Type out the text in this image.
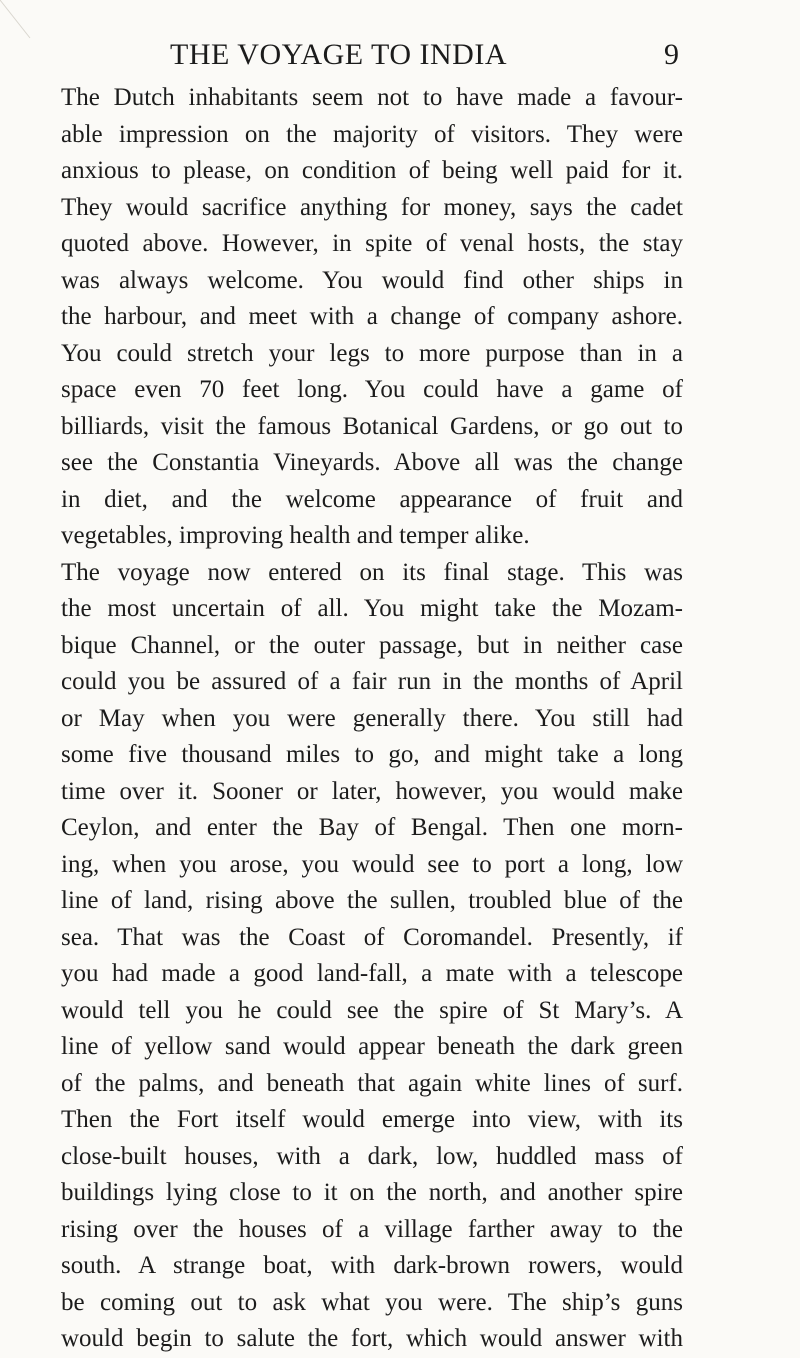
THE VOYAGE TO INDIA	9
The Dutch inhabitants seem not to have made a favour-
able impression on the majority of visitors. They were
anxious to please, on condition of being well paid for it.
They would sacrifice anything for money, says the cadet
quoted above. However, in spite of venal hosts, the stay
was always welcome. You would find other ships in
the harbour, and meet with a change of company ashore.
You could stretch your legs to more purpose than in a
space even 70 feet long. You could have a game of
billiards, visit the famous Botanical Gardens, or go out to
see the Constantia Vineyards. Above all was the change
in diet, and the welcome appearance of fruit and
vegetables, improving health and temper alike.
The voyage now entered on its final stage. This was
the most uncertain of all. You might take the Mozam-
bique Channel, or the outer passage, but in neither case
could you be assured of a fair run in the months of April
or May when you were generally there. You still had
some five thousand miles to go, and might take a long
time over it. Sooner or later, however, you would make
Ceylon, and enter the Bay of Bengal. Then one morn-
ing, when you arose, you would see to port a long, low
line of land, rising above the sullen, troubled blue of the
sea. That was the Coast of Coromandel. Presently, if
you had made a good land-fall, a mate with a telescope
would tell you he could see the spire of St Mary’s. A
line of yellow sand would appear beneath the dark green
of the palms, and beneath that again white lines of surf.
Then the Fort itself would emerge into view, with its
close-built houses, with a dark, low, huddled mass of
buildings lying close to it on the north, and another spire
rising over the houses of a village farther away to the
south. A strange boat, with dark-brown rowers, would
be coming out to ask what you were. The ship’s guns
would begin to salute the fort, which would answer with
